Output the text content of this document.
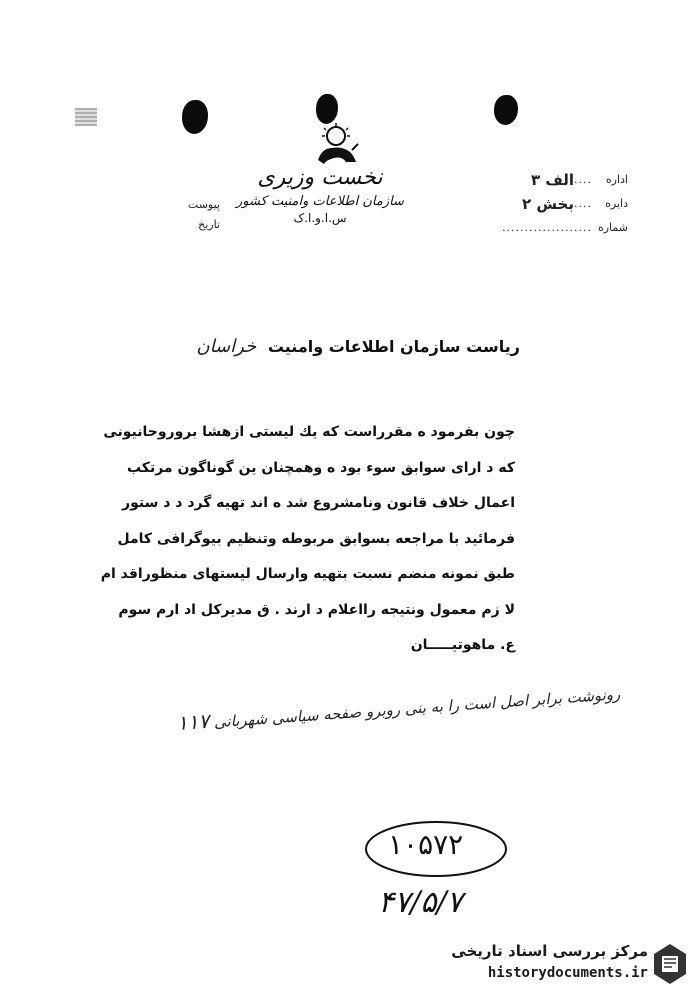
اداره
....
الف ۳
دایره
....
بخش ۲
شماره
....................
پیوست
تاریخ
نخست وزیری
سازمان اطلاعات وامنیت کشور
س.ا.و.ا.ک
ریاست سازمان اطلاعات وامنیت خراسان
چون بفرمود ه مقرراست که یك لیستی ازهشا بروروحانیونی
که د ارای سوابق سوء بود ه وهمچنان ین گوناگون مرتکب
اعمال خلاف قانون ونامشروع شد ه اند تهیه گرد د د ستور
فرمائید با مراجعه بسوابق مربوطه وتنظیم بیوگرافی کامل
طبق نمونه منضم نسبت بتهیه وارسال لیستهای منظوراقد ام
لا زم معمول ونتیجه رااعلام د ارند . ق مدیرکل اد ارم سوم
ع. ماهوتیـــــان
رونوشت برابر اصل است را به بنی روبرو صفحه سیاسی شهربانی ۱۱۷
۱۰۵۷۲
۴۷/۵/۷
مرکز بررسی اسناد تاریخی
historydocuments.ir
